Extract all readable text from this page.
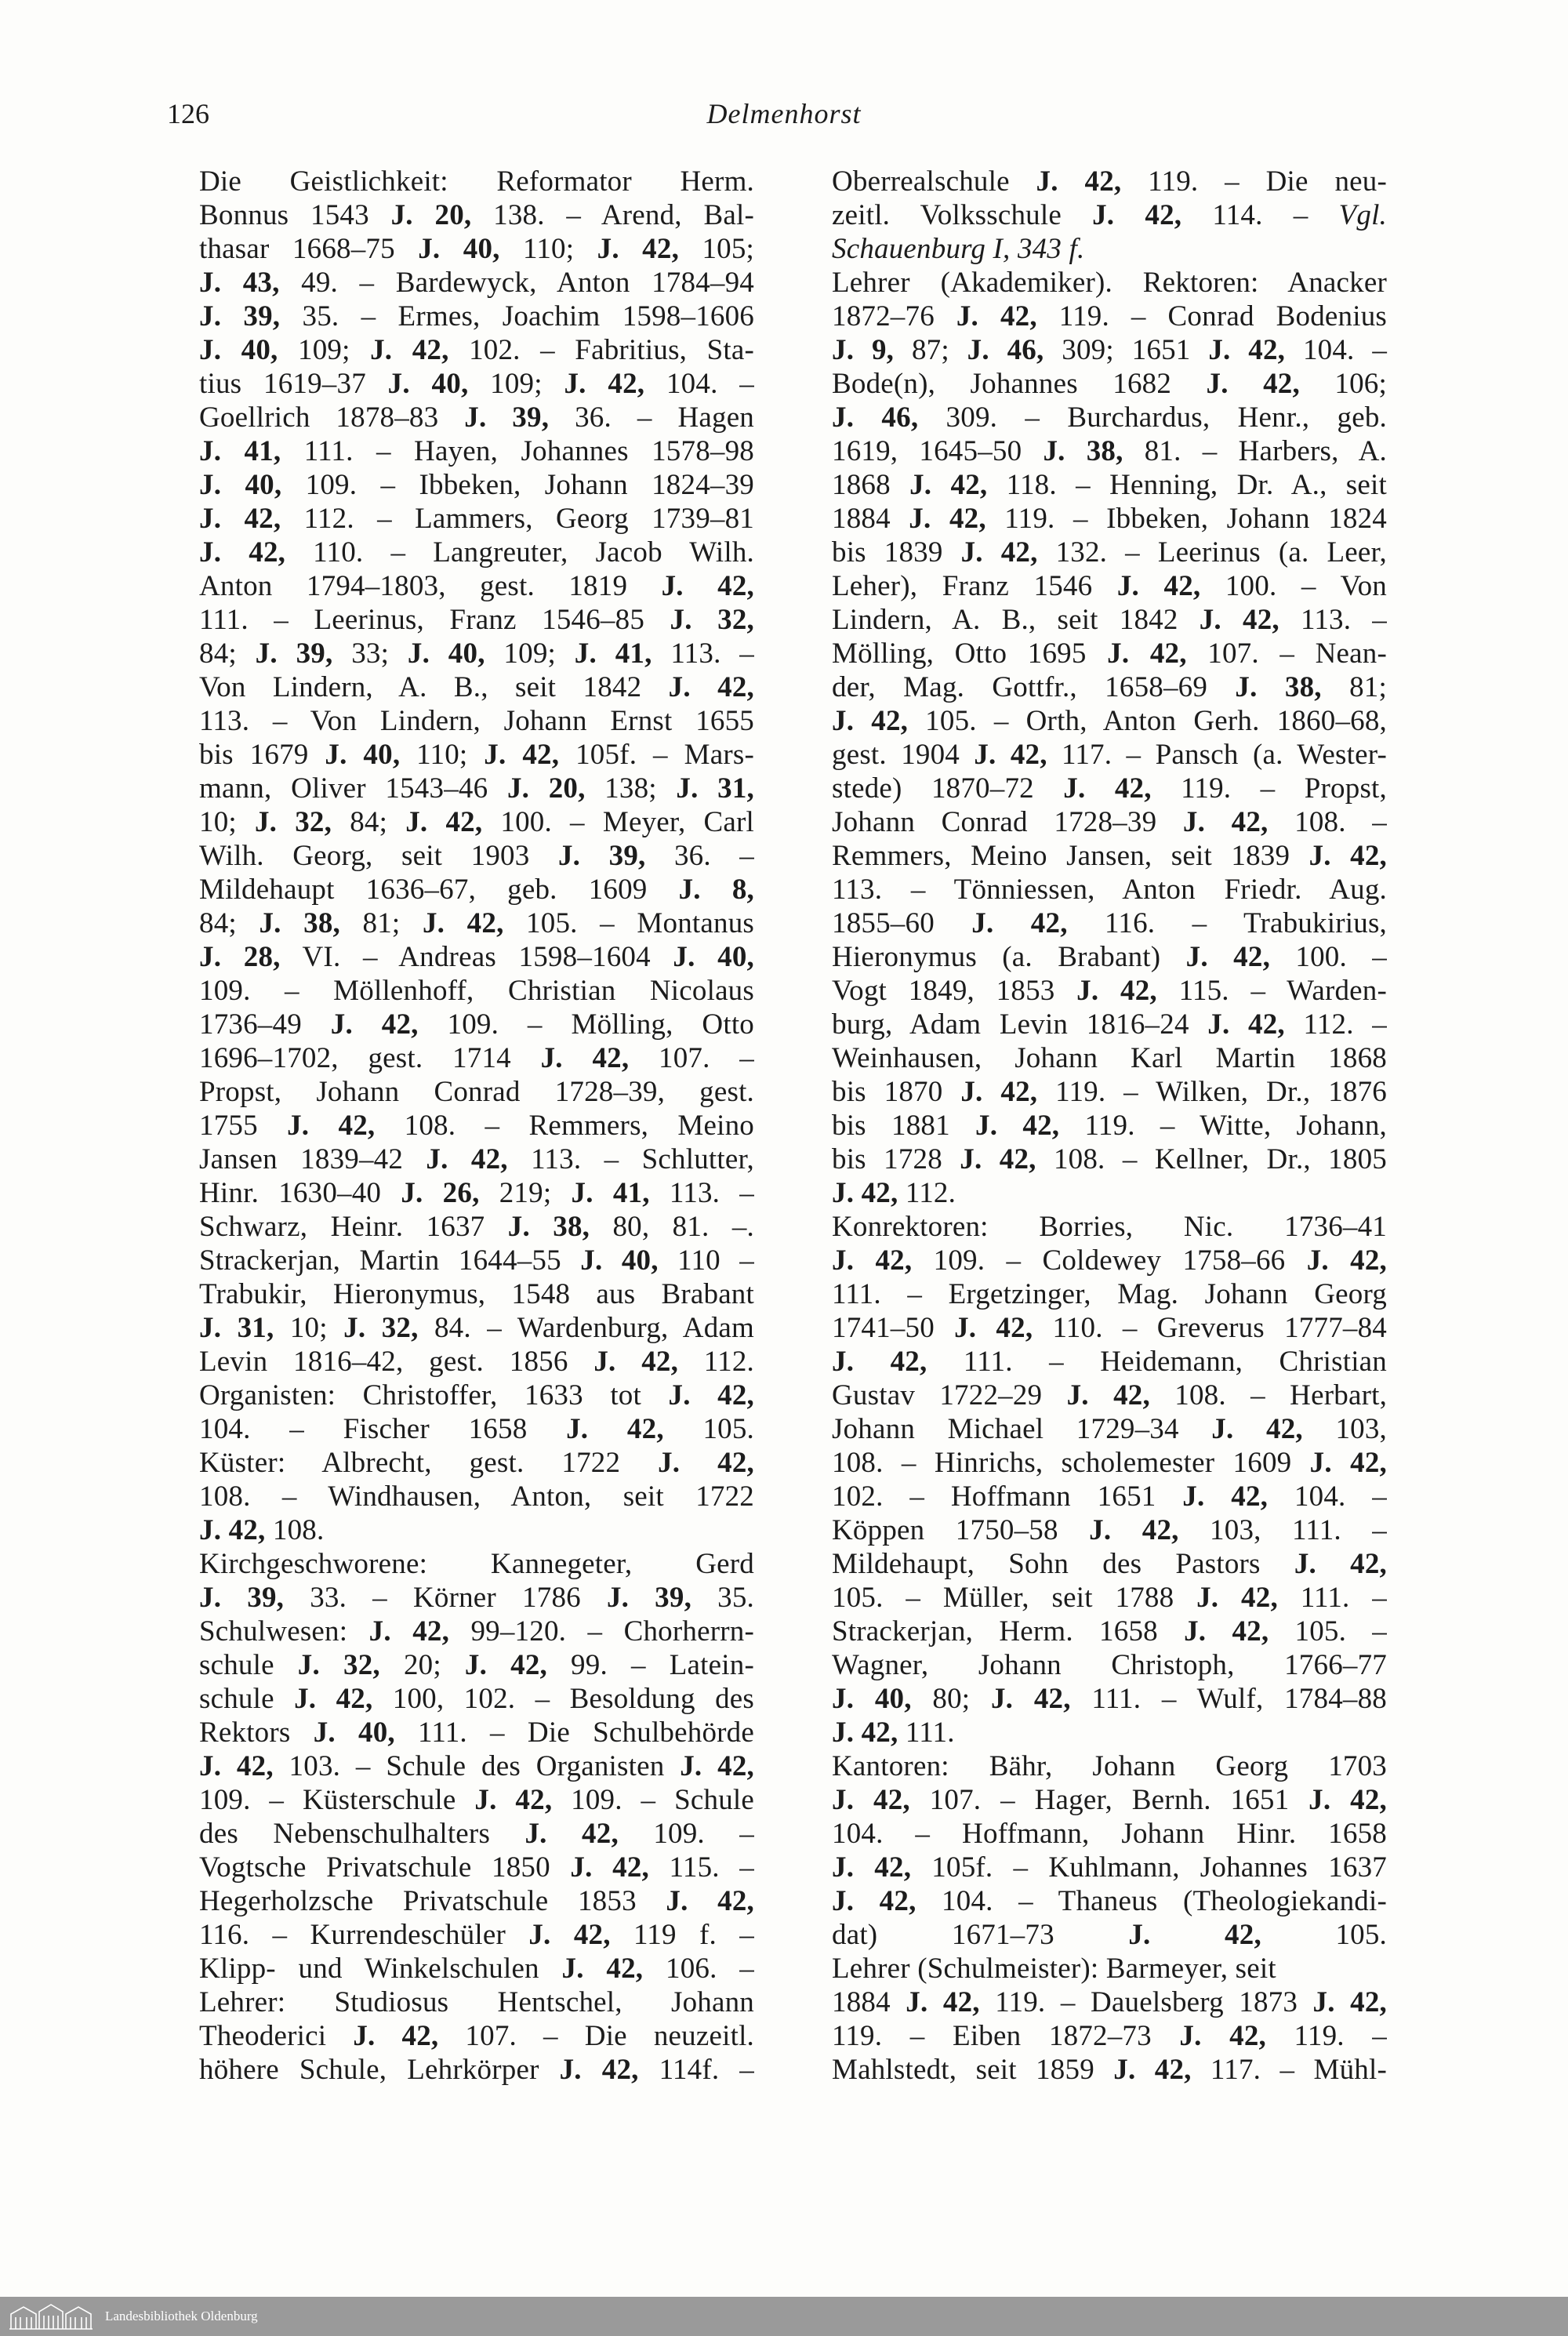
126	Delmenhorst
Die Geistlichkeit: Reformator Herm.
Bonnus 1543 J. 20, 138. – Arend, Bal-
thasar 1668–75 J. 40, 110; J. 42, 105;
J. 43, 49. – Bardewyck, Anton 1784–94
J. 39, 35. – Ermes, Joachim 1598–1606
J. 40, 109; J. 42, 102. – Fabritius, Sta-
tius 1619–37 J. 40, 109; J. 42, 104. –
Goellrich 1878–83 J. 39, 36. – Hagen
J. 41, 111. – Hayen, Johannes 1578–98
J. 40, 109. – Ibbeken, Johann 1824–39
J. 42, 112. – Lammers, Georg 1739–81
J. 42, 110. – Langreuter, Jacob Wilh.
Anton 1794–1803, gest. 1819 J. 42,
111. – Leerinus, Franz 1546–85 J. 32,
84; J. 39, 33; J. 40, 109; J. 41, 113. –
Von Lindern, A. B., seit 1842 J. 42,
113. – Von Lindern, Johann Ernst 1655
bis 1679 J. 40, 110; J. 42, 105f. – Mars-
mann, Oliver 1543–46 J. 20, 138; J. 31,
10; J. 32, 84; J. 42, 100. – Meyer, Carl
Wilh. Georg, seit 1903 J. 39, 36. –
Mildehaupt 1636–67, geb. 1609 J. 8,
84; J. 38, 81; J. 42, 105. – Montanus
J. 28, VI. – Andreas 1598–1604 J. 40,
109. – Möllenhoff, Christian Nicolaus
1736–49 J. 42, 109. – Mölling, Otto
1696–1702, gest. 1714 J. 42, 107. –
Propst, Johann Conrad 1728–39, gest.
1755 J. 42, 108. – Remmers, Meino
Jansen 1839–42 J. 42, 113. – Schlutter,
Hinr. 1630–40 J. 26, 219; J. 41, 113. –
Schwarz, Heinr. 1637 J. 38, 80, 81. –.
Strackerjan, Martin 1644–55 J. 40, 110 –
Trabukir, Hieronymus, 1548 aus Brabant
J. 31, 10; J. 32, 84. – Wardenburg, Adam
Levin 1816–42, gest. 1856 J. 42, 112.
Organisten: Christoffer, 1633 tot J. 42,
104. – Fischer 1658 J. 42, 105.
Küster: Albrecht, gest. 1722 J. 42,
108. – Windhausen, Anton, seit 1722
J. 42, 108.
Kirchgeschworene: Kannegeter, Gerd
J. 39, 33. – Körner 1786 J. 39, 35.
Schulwesen: J. 42, 99–120. – Chorherrn-
schule J. 32, 20; J. 42, 99. – Latein-
schule J. 42, 100, 102. – Besoldung des
Rektors J. 40, 111. – Die Schulbehörde
J. 42, 103. – Schule des Organisten J. 42,
109. – Küsterschule J. 42, 109. – Schule
des Nebenschulhalters J. 42, 109. –
Vogtsche Privatschule 1850 J. 42, 115. –
Hegerholzsche Privatschule 1853 J. 42,
116. – Kurrendeschüler J. 42, 119 f. –
Klipp- und Winkelschulen J. 42, 106. –
Lehrer: Studiosus Hentschel, Johann
Theoderici J. 42, 107. – Die neuzeitl.
höhere Schule, Lehrkörper J. 42, 114f. –
Oberrealschule J. 42, 119. – Die neu-
zeitl. Volksschule J. 42, 114. – Vgl.
Schauenburg I, 343 f.
Lehrer (Akademiker). Rektoren: Anacker
1872–76 J. 42, 119. – Conrad Bodenius
J. 9, 87; J. 46, 309; 1651 J. 42, 104. –
Bode(n), Johannes 1682 J. 42, 106;
J. 46, 309. – Burchardus, Henr., geb.
1619, 1645–50 J. 38, 81. – Harbers, A.
1868 J. 42, 118. – Henning, Dr. A., seit
1884 J. 42, 119. – Ibbeken, Johann 1824
bis 1839 J. 42, 132. – Leerinus (a. Leer,
Leher), Franz 1546 J. 42, 100. – Von
Lindern, A. B., seit 1842 J. 42, 113. –
Mölling, Otto 1695 J. 42, 107. – Nean-
der, Mag. Gottfr., 1658–69 J. 38, 81;
J. 42, 105. – Orth, Anton Gerh. 1860–68,
gest. 1904 J. 42, 117. – Pansch (a. Wester-
stede) 1870–72 J. 42, 119. – Propst,
Johann Conrad 1728–39 J. 42, 108. –
Remmers, Meino Jansen, seit 1839 J. 42,
113. – Tönniessen, Anton Friedr. Aug.
1855–60 J. 42, 116. – Trabukirius,
Hieronymus (a. Brabant) J. 42, 100. –
Vogt 1849, 1853 J. 42, 115. – Warden-
burg, Adam Levin 1816–24 J. 42, 112. –
Weinhausen, Johann Karl Martin 1868
bis 1870 J. 42, 119. – Wilken, Dr., 1876
bis 1881 J. 42, 119. – Witte, Johann,
bis 1728 J. 42, 108. – Kellner, Dr., 1805
J. 42, 112.
Konrektoren: Borries, Nic. 1736–41
J. 42, 109. – Coldewey 1758–66 J. 42,
111. – Ergetzinger, Mag. Johann Georg
1741–50 J. 42, 110. – Greverus 1777–84
J. 42, 111. – Heidemann, Christian
Gustav 1722–29 J. 42, 108. – Herbart,
Johann Michael 1729–34 J. 42, 103,
108. – Hinrichs, scholemester 1609 J. 42,
102. – Hoffmann 1651 J. 42, 104. –
Köppen 1750–58 J. 42, 103, 111. –
Mildehaupt, Sohn des Pastors J. 42,
105. – Müller, seit 1788 J. 42, 111. –
Strackerjan, Herm. 1658 J. 42, 105. –
Wagner, Johann Christoph, 1766–77
J. 40, 80; J. 42, 111. – Wulf, 1784–88
J. 42, 111.
Kantoren: Bähr, Johann Georg 1703
J. 42, 107. – Hager, Bernh. 1651 J. 42,
104. – Hoffmann, Johann Hinr. 1658
J. 42, 105f. – Kuhlmann, Johannes 1637
J. 42, 104. – Thaneus (Theologiekandi-
dat) 1671–73 J. 42, 105.
Lehrer (Schulmeister): Barmeyer, seit
1884 J. 42, 119. – Dauelsberg 1873 J. 42,
119. – Eiben 1872–73 J. 42, 119. –
Mahlstedt, seit 1859 J. 42, 117. – Mühl-
Landesbibliothek Oldenburg
